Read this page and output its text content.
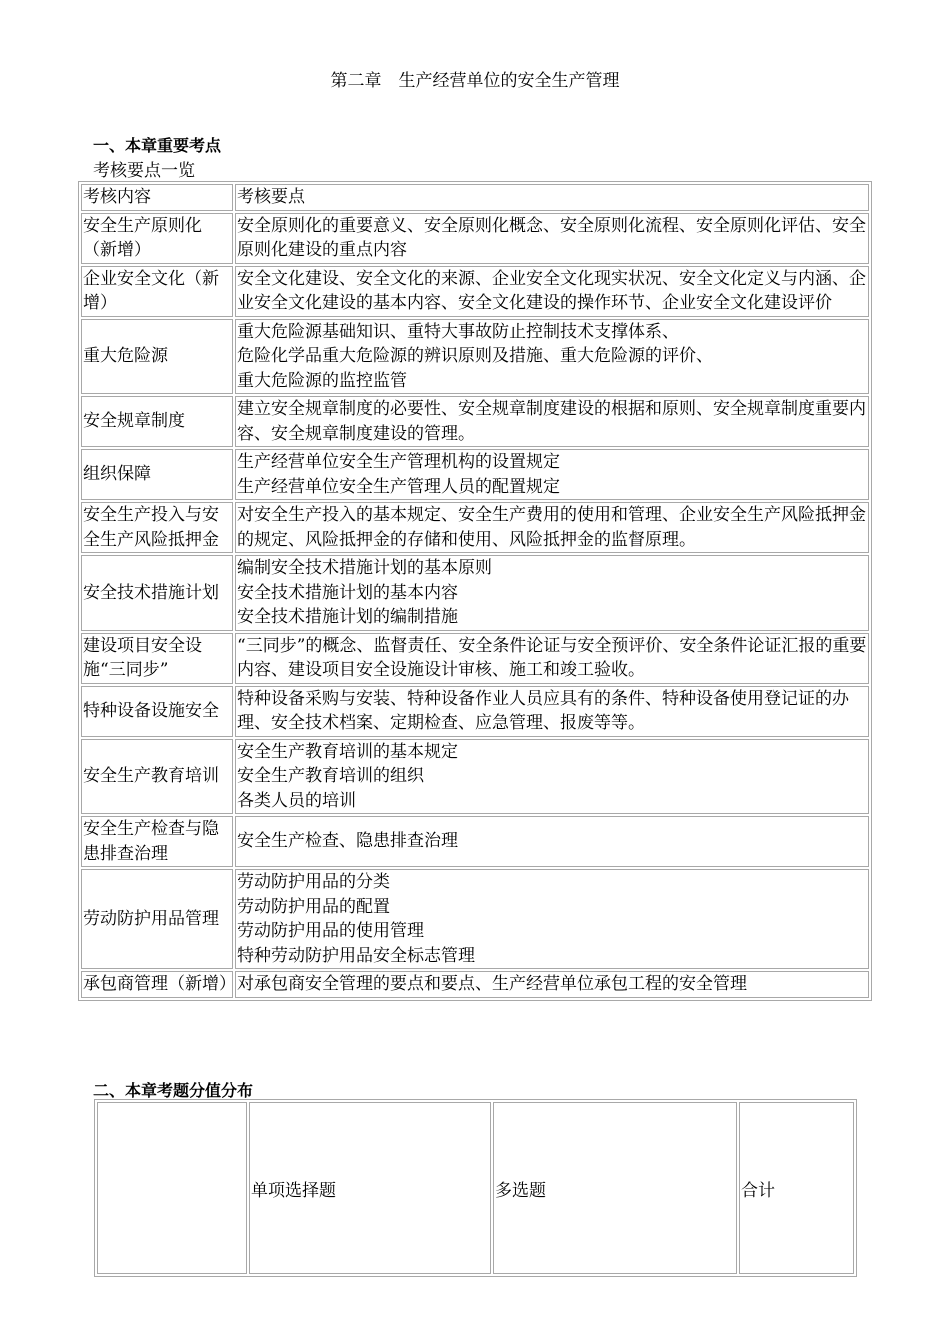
第二章　生产经营单位的安全生产管理
一、本章重要考点
考核要点一览
考核内容	考核要点
安全生产原则化（新增）	安全原则化的重要意义、安全原则化概念、安全原则化流程、安全原则化评估、安全原则化建设的重点内容

企业安全文化（新增）	安全文化建设、安全文化的来源、企业安全文化现实状况、安全文化定义与内涵、企业安全文化建设的基本内容、安全文化建设的操作环节、企业安全文化建设评价

重大危险源	重大危险源基础知识、重特大事故防止控制技术支撑体系、
危险化学品重大危险源的辨识原则及措施、重大危险源的评价、
重大危险源的监控监管

安全规章制度	建立安全规章制度的必要性、安全规章制度建设的根据和原则、安全规章制度重要内容、安全规章制度建设的管理。

组织保障	生产经营单位安全生产管理机构的设置规定
生产经营单位安全生产管理人员的配置规定

安全生产投入与安全生产风险抵押金	对安全生产投入的基本规定、安全生产费用的使用和管理、企业安全生产风险抵押金的规定、风险抵押金的存储和使用、风险抵押金的监督原理。

安全技术措施计划	编制安全技术措施计划的基本原则
安全技术措施计划的基本内容
安全技术措施计划的编制措施

建设项目安全设施“三同步”	“三同步”的概念、监督责任、安全条件论证与安全预评价、安全条件论证汇报的重要内容、建设项目安全设施设计审核、施工和竣工验收。

特种设备设施安全	特种设备采购与安装、特种设备作业人员应具有的条件、特种设备使用登记证的办理、安全技术档案、定期检查、应急管理、报废等等。

安全生产教育培训	安全生产教育培训的基本规定
安全生产教育培训的组织
各类人员的培训

安全生产检查与隐患排查治理	安全生产检查、隐患排查治理

劳动防护用品管理	劳动防护用品的分类
劳动防护用品的配置
劳动防护用品的使用管理
特种劳动防护用品安全标志管理

承包商管理（新增）	对承包商安全管理的要点和要点、生产经营单位承包工程的安全管理
二、本章考题分值分布
	单项选择题	多选题	合计
